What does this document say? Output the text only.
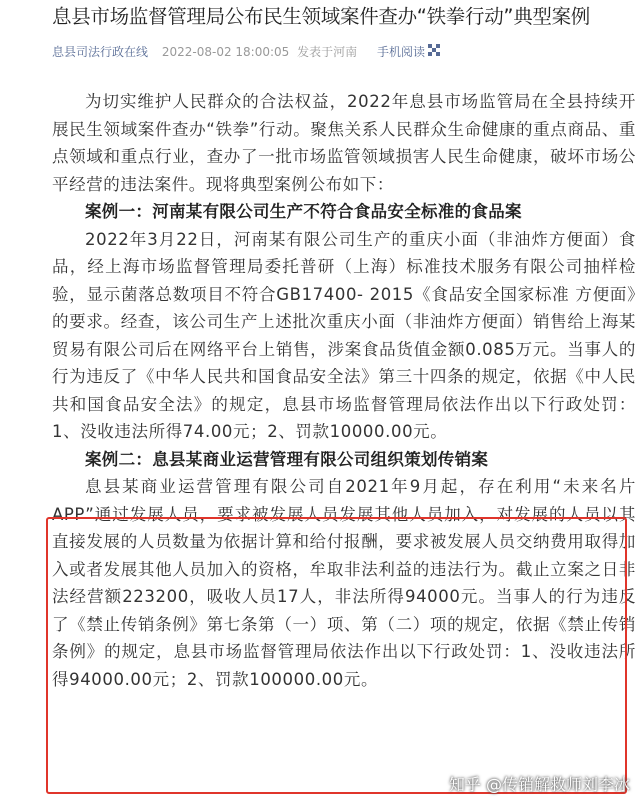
息县市场监督管理局公布民生领域案件查办“铁拳行动”典型案例
息县司法行政在线 2022-08-02 18:00:05 发表于河南 手机阅读

为切实维护人民群众的合法权益，2022年息县市场监管局在全县持续开展民生领域案件查办“铁拳”行动。聚焦关系人民群众生命健康的重点商品、重点领域和重点行业，查办了一批市场监管领域损害人民生命健康，破坏市场公平经营的违法案件。现将典型案例公布如下：

案例一：河南某有限公司生产不符合食品安全标准的食品案

2022年3月22日，河南某有限公司生产的重庆小面（非油炸方便面）食品，经上海市场监督管理局委托普研（上海）标准技术服务有限公司抽样检验，显示菌落总数项目不符合GB17400- 2015《食品安全国家标准 方便面》的要求。经查，该公司生产上述批次重庆小面（非油炸方便面）销售给上海某贸易有限公司后在网络平台上销售，涉案食品货值金额0.085万元。当事人的行为违反了《中华人民共和国食品安全法》第三十四条的规定，依据《中人民共和国食品安全法》的规定，息县市场监督管理局依法作出以下行政处罚：1、没收违法所得74.00元；2、罚款10000.00元。

案例二：息县某商业运营管理有限公司组织策划传销案

息县某商业运营管理有限公司自2021年9月起，存在利用“未来名片APP”通过发展人员，要求被发展人员发展其他人员加入，对发展的人员以其直接发展的人员数量为依据计算和给付报酬，要求被发展人员交纳费用取得加入或者发展其他人员加入的资格，牟取非法利益的违法行为。截止立案之日非法经营额223200，吸收人员17人，非法所得94000元。当事人的行为违反了《禁止传销条例》第七条第（一）项、第（二）项的规定，依据《禁止传销条例》的规定，息县市场监督管理局依法作出以下行政处罚：1、没收违法所得94000.00元；2、罚款100000.00元。

知乎 @传销解救师刘李冰
